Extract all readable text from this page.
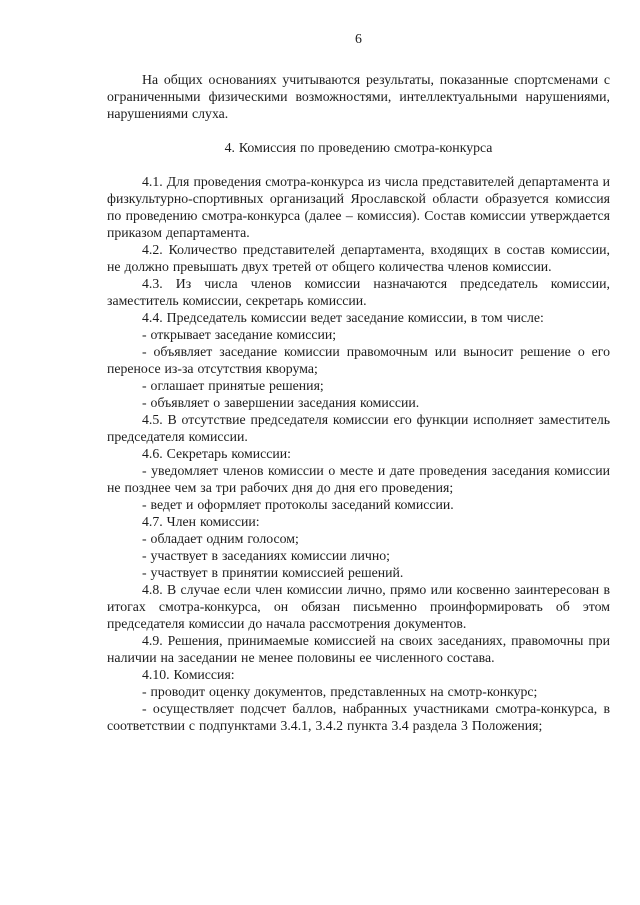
6

На общих основаниях учитываются результаты, показанные спортсменами с ограниченными физическими возможностями, интеллектуальными нарушениями, нарушениями слуха.

4. Комиссия по проведению смотра-конкурса

4.1. Для проведения смотра-конкурса из числа представителей департамента и физкультурно-спортивных организаций Ярославской области образуется комиссия по проведению смотра-конкурса (далее – комиссия). Состав комиссии утверждается приказом департамента.

4.2. Количество представителей департамента, входящих в состав комиссии, не должно превышать двух третей от общего количества членов комиссии.

4.3. Из числа членов комиссии назначаются председатель комиссии, заместитель комиссии, секретарь комиссии.

4.4. Председатель комиссии ведет заседание комиссии, в том числе:

- открывает заседание комиссии;

- объявляет заседание комиссии правомочным или выносит решение о его переносе из-за отсутствия кворума;

- оглашает принятые решения;

- объявляет о завершении заседания комиссии.

4.5. В отсутствие председателя комиссии его функции исполняет заместитель председателя комиссии.

4.6. Секретарь комиссии:

- уведомляет членов комиссии о месте и дате проведения заседания комиссии не позднее чем за три рабочих дня до дня его проведения;

- ведет и оформляет протоколы заседаний комиссии.

4.7. Член комиссии:

- обладает одним голосом;

- участвует в заседаниях комиссии лично;

- участвует в принятии комиссией решений.

4.8. В случае если член комиссии лично, прямо или косвенно заинтересован в итогах смотра-конкурса, он обязан письменно проинформировать об этом председателя комиссии до начала рассмотрения документов.

4.9. Решения, принимаемые комиссией на своих заседаниях, правомочны при наличии на заседании не менее половины ее численного состава.

4.10. Комиссия:

- проводит оценку документов, представленных на смотр-конкурс;

- осуществляет подсчет баллов, набранных участниками смотра-конкурса, в соответствии с подпунктами 3.4.1, 3.4.2 пункта 3.4 раздела 3 Положения;
